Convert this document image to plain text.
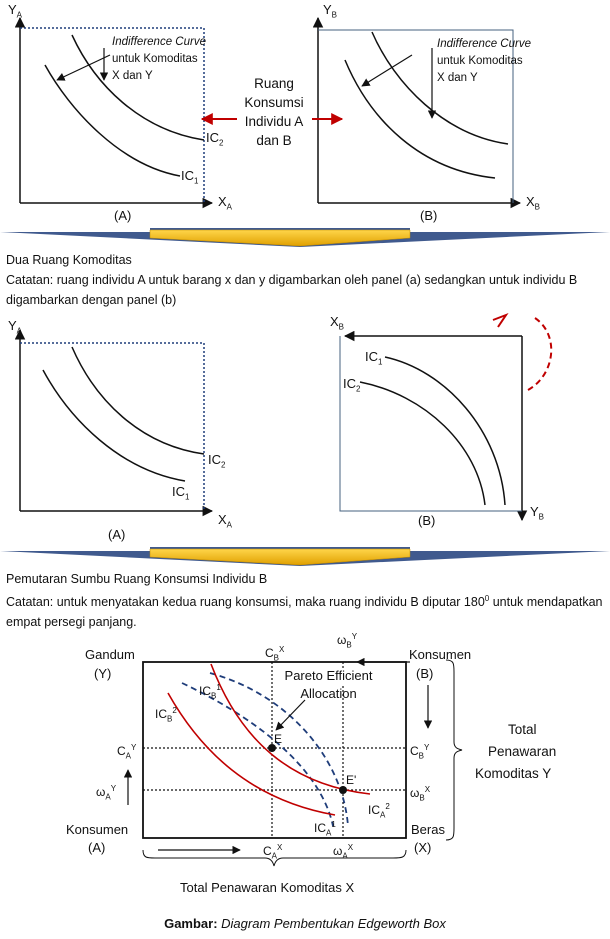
$Y_A$
$X_A$
$IC_1$
$IC_2$
(A)
Indifference Curve
untuk Komoditas
X dan Y
$Y_B$
$X_B$
(B)
Indifference Curve
untuk Komoditas
X dan Y
Ruang
Konsumsi
Individu A
dan B
Dua Ruang Komoditas
Catatan: ruang individu A untuk barang x dan y digambarkan oleh panel (a) sedangkan untuk individu B digambarkan dengan panel (b)
$Y_A$
$X_A$
$IC_1$
$IC_2$
(A)
$X_B$
$Y_B$
$IC_1$
$IC_2$
(B)
Pemutaran Sumbu Ruang Konsumsi Individu B
Catatan: untuk menyatakan kedua ruang konsumsi, maka ruang individu B diputar $180^0$ untuk mendapatkan empat persegi panjang.
Gandum
(Y)
Konsumen
(B)
Konsumen
(A)
Beras
(X)
Pareto Efficient
Allocation
E
E'
Total
Penawaran
Komoditas Y
Total Penawaran Komoditas X
$C_B^X$
$\omega_B^Y$
$IC_B^1$
$IC_B^2$
$C_A^Y$	$C_B^Y$
$\omega_A^Y$	$\omega_B^X$
$IC_A^2$
$IC_A^1$
$C_A^X$	$\omega_A^X$
Gambar: Diagram Pembentukan Edgeworth Box
